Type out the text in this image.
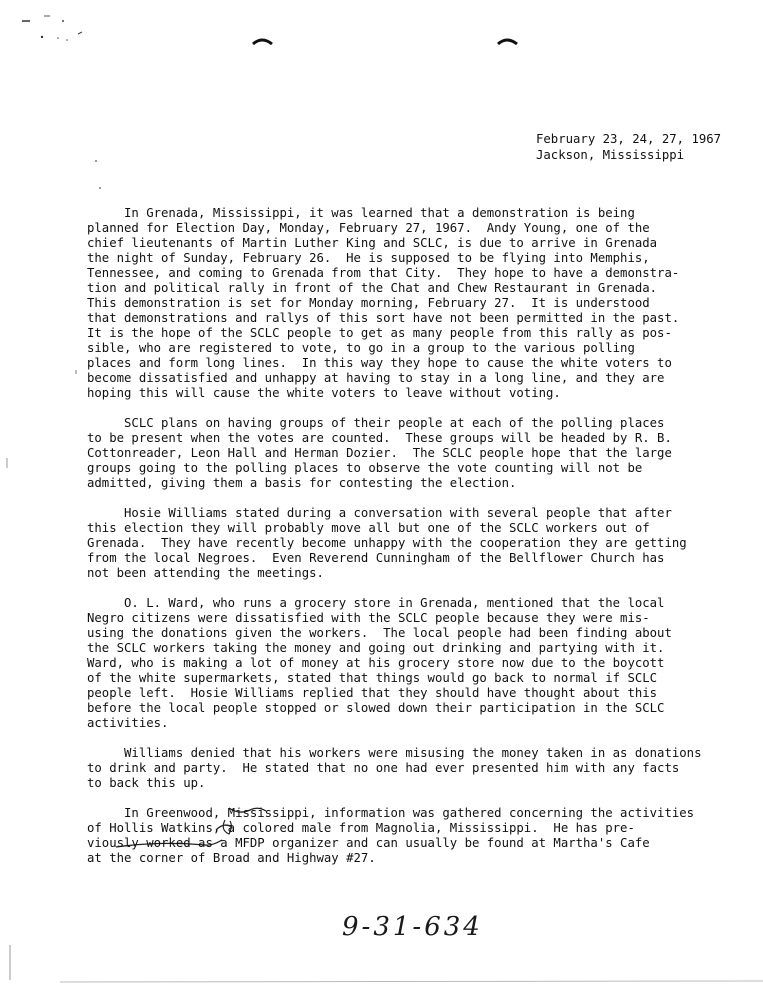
February 23, 24, 27, 1967
Jackson, Mississippi
In Grenada, Mississippi, it was learned that a demonstration is being
planned for Election Day, Monday, February 27, 1967.  Andy Young, one of the
chief lieutenants of Martin Luther King and SCLC, is due to arrive in Grenada
the night of Sunday, February 26.  He is supposed to be flying into Memphis,
Tennessee, and coming to Grenada from that City.  They hope to have a demonstra-
tion and political rally in front of the Chat and Chew Restaurant in Grenada.
This demonstration is set for Monday morning, February 27.  It is understood
that demonstrations and rallys of this sort have not been permitted in the past.
It is the hope of the SCLC people to get as many people from this rally as pos-
sible, who are registered to vote, to go in a group to the various polling
places and form long lines.  In this way they hope to cause the white voters to
become dissatisfied and unhappy at having to stay in a long line, and they are
hoping this will cause the white voters to leave without voting.
SCLC plans on having groups of their people at each of the polling places
to be present when the votes are counted.  These groups will be headed by R. B.
Cottonreader, Leon Hall and Herman Dozier.  The SCLC people hope that the large
groups going to the polling places to observe the vote counting will not be
admitted, giving them a basis for contesting the election.
Hosie Williams stated during a conversation with several people that after
this election they will probably move all but one of the SCLC workers out of
Grenada.  They have recently become unhappy with the cooperation they are getting
from the local Negroes.  Even Reverend Cunningham of the Bellflower Church has
not been attending the meetings.
O. L. Ward, who runs a grocery store in Grenada, mentioned that the local
Negro citizens were dissatisfied with the SCLC people because they were mis-
using the donations given the workers.  The local people had been finding about
the SCLC workers taking the money and going out drinking and partying with it.
Ward, who is making a lot of money at his grocery store now due to the boycott
of the white supermarkets, stated that things would go back to normal if SCLC
people left.  Hosie Williams replied that they should have thought about this
before the local people stopped or slowed down their participation in the SCLC
activities.
Williams denied that his workers were misusing the money taken in as donations
to drink and party.  He stated that no one had ever presented him with any facts
to back this up.
In Greenwood, Mississippi, information was gathered concerning the activities
of Hollis Watkins, a colored male from Magnolia, Mississippi.  He has pre-
viously worked as a MFDP organizer and can usually be found at Martha's Cafe
at the corner of Broad and Highway #27.
9-31-634
